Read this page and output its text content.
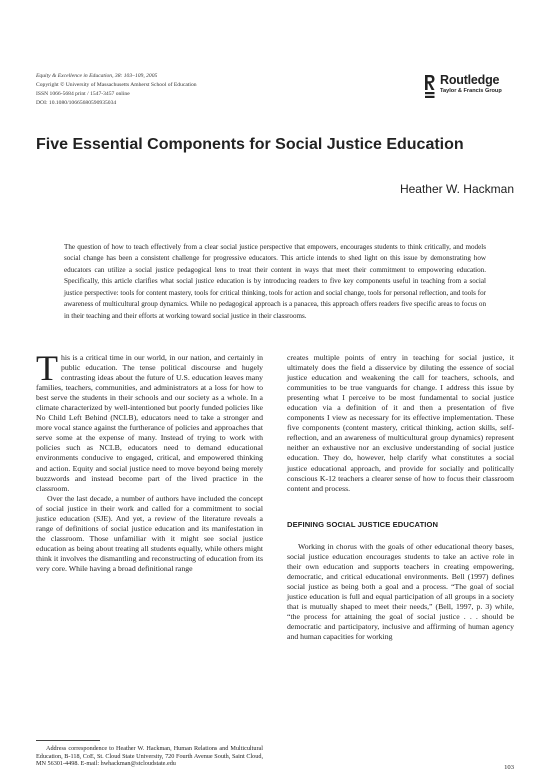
Equity & Excellence in Education, 38: 103–109, 2005
Copyright © University of Massachusetts Amherst School of Education
ISSN 1066-5684 print / 1547-3457 online
DOI: 10.1080/10665680590935034
Routledge
Taylor & Francis Group
Five Essential Components for Social Justice Education
Heather W. Hackman

The question of how to teach effectively from a clear social justice perspective that empowers, encourages students to think critically, and models social change has been a consistent challenge for progressive educators. This article intends to shed light on this issue by demonstrating how educators can utilize a social justice pedagogical lens to treat their content in ways that meet their commitment to empowering education. Specifically, this article clarifies what social justice education is by introducing readers to five key components useful in teaching from a social justice perspective: tools for content mastery, tools for critical thinking, tools for action and social change, tools for personal reflection, and tools for awareness of multicultural group dynamics. While no pedagogical approach is a panacea, this approach offers readers five specific areas to focus on in their teaching and their efforts at working toward social justice in their classrooms.

This is a critical time in our world, in our nation, and certainly in public education. The tense political discourse and hugely contrasting ideas about the future of U.S. education leaves many families, teachers, communities, and administrators at a loss for how to best serve the students in their schools and our society as a whole. In a climate characterized by well-intentioned but poorly funded policies like No Child Left Behind (NCLB), educators need to take a stronger and more vocal stance against the furtherance of policies and approaches that serve some at the expense of many. Instead of trying to work with policies such as NCLB, educators need to demand educational environments conducive to engaged, critical, and empowered thinking and action. Equity and social justice need to move beyond being merely buzzwords and instead become part of the lived practice in the classroom.

Over the last decade, a number of authors have included the concept of social justice in their work and called for a commitment to social justice education (SJE). And yet, a review of the literature reveals a range of definitions of social justice education and its manifestation in the classroom. Those unfamiliar with it might see social justice education as being about treating all students equally, while others might think it involves the dismantling and reconstructing of education from its very core. While having a broad definitional range

creates multiple points of entry in teaching for social justice, it ultimately does the field a disservice by diluting the essence of social justice education and weakening the call for teachers, schools, and communities to be true vanguards for change. I address this issue by presenting what I perceive to be most fundamental to social justice education via a definition of it and then a presentation of five components I view as necessary for its effective implementation. These five components (content mastery, critical thinking, action skills, self-reflection, and an awareness of multicultural group dynamics) represent neither an exhaustive nor an exclusive understanding of social justice education. They do, however, help clarify what constitutes a social justice educational approach, and provide for socially and politically conscious K-12 teachers a clearer sense of how to focus their classroom content and process.

DEFINING SOCIAL JUSTICE EDUCATION

Working in chorus with the goals of other educational theory bases, social justice education encourages students to take an active role in their own education and supports teachers in creating empowering, democratic, and critical educational environments. Bell (1997) defines social justice as being both a goal and a process. “The goal of social justice education is full and equal participation of all groups in a society that is mutually shaped to meet their needs,” (Bell, 1997, p. 3) while, “the process for attaining the goal of social justice . . . should be democratic and participatory, inclusive and affirming of human agency and human capacities for working

Address correspondence to Heather W. Hackman, Human Relations and Multicultural Education, B-118, CoE, St. Cloud State University, 720 Fourth Avenue South, Saint Cloud, MN 56301-4498. E-mail: hwhackman@stcloudstate.edu

103
